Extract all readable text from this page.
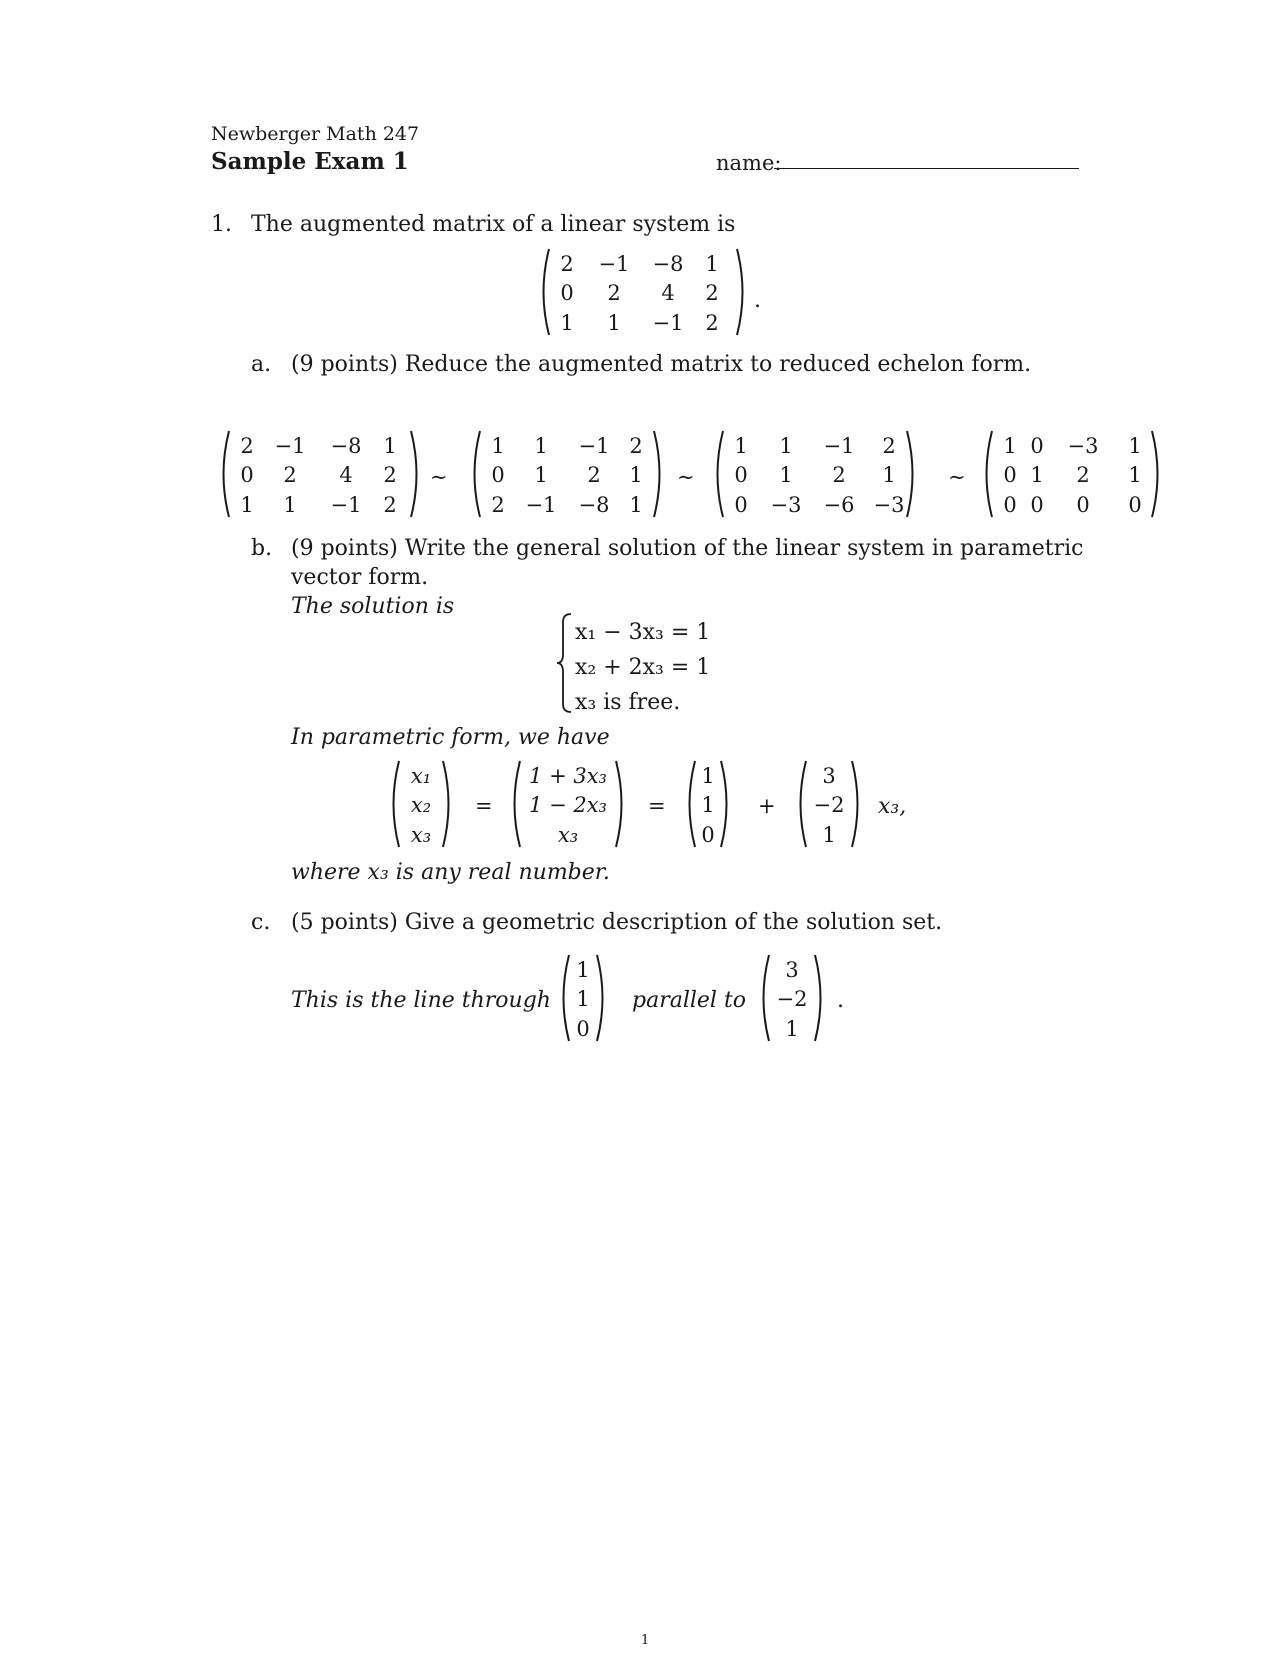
Newberger Math 247
Sample Exam 1	name:
1. The augmented matrix of a linear system is
2 −1 −8 1
0 2 4 2
1 1 −1 2
.
a. (9 points) Reduce the augmented matrix to reduced echelon form.
2 −1 −8 1
0 2 4 2
1 1 −1 2
∼
1 1 −1 2
0 1 2 1
2 −1 −8 1
∼
1 1 −1 2
0 1 2 1
0 −3 −6 −3
∼
1 0 −3 1
0 1 2 1
0 0 0 0
b. (9 points) Write the general solution of the linear system in parametric
vector form.
The solution is
x₁ − 3x₃ = 1
x₂ + 2x₃ = 1
x₃ is free.
In parametric form, we have
x₁
x₂
x₃
=
1 + 3x₃
1 − 2x₃
x₃
=
1
1
0
+
3
−2
1
x₃,
where x₃ is any real number.
c. (5 points) Give a geometric description of the solution set.
This is the line through
1
1
0
parallel to
3
−2
1
.
1
